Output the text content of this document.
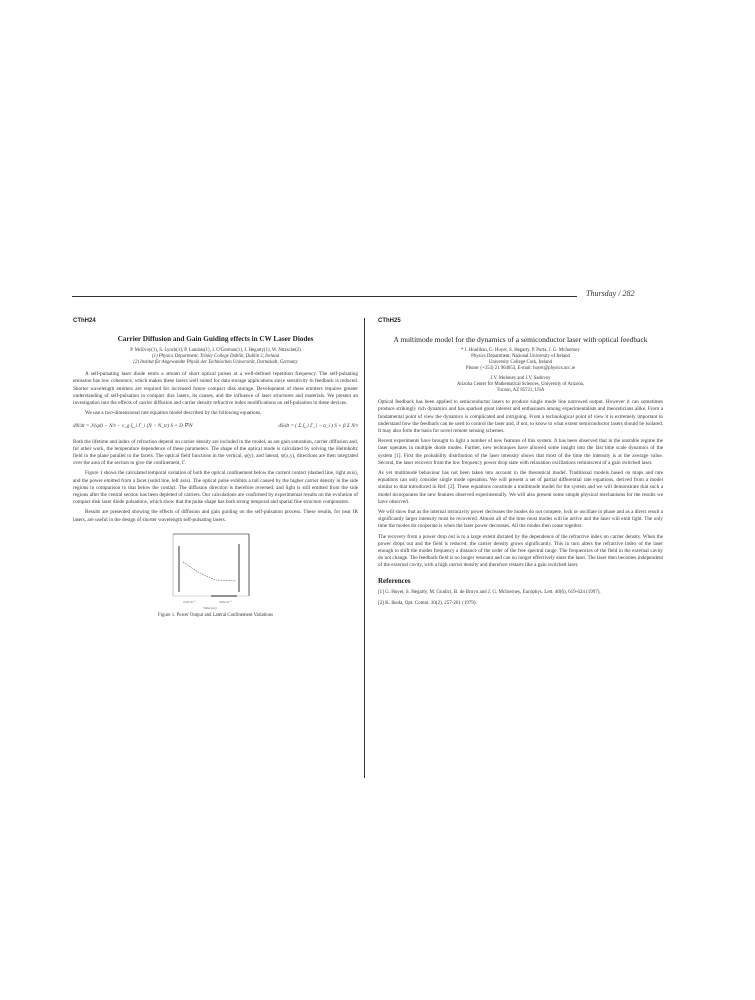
Thursday / 282
CThH24
Carrier Diffusion and Gain Guiding effects in CW Laser Diodes
P. McEvoy(1), S. Lynch(1), P. Landais(1), J. O'Gorman(1), J. Hegarty(1), W. Nitzsche(2)
(1) Physics Department, Trinity College Dublin, Dublin 2, Ireland
(2) Institut für Angewandte Physik der Technischen Universität, Darmstadt, Germany

A self-pulsating laser diode emits a stream of short optical pulses at a well-defined repetition frequency. The self-pulsating emission has low coherence, which makes these lasers well suited for data storage applications since sensitivity to feedback is reduced. Shorter wavelength emitters are required for increased future compact disk storage. Development of these emitters requires greater understanding of self-pulsation in compact disc lasers, its causes, and the influence of laser structures and materials. We present an investigation into the effects of carrier diffusion and carrier density refractive index modifications on self-pulsation in these devices.

We use a two-dimensional rate equation model described by the following equations,

dN/dt = J/(qd) − N/τ − v_g ξ_i Γ_i (N − N_tr) S + D ∇²N	dS/dt = ( Σ ξ_i Γ_i − α_i ) S + β Σ N/τ

Both the lifetime and index of refraction depend on carrier density are included in the model, as are gain saturation, carrier diffusion and, for other work, the temperature dependence of these parameters. The shape of the optical mode is calculated by solving the Helmholtz field in the plane parallel to the facets. The optical field functions in the vertical, φ(y), and lateral, ψ(x,y), directions are then integrated over the area of the section to give the confinement, Γ.

Figure 1 shows the calculated temporal variation of both the optical confinement below the current contact (dashed line, right axis), and the power emitted from a facet (solid line, left axis). The optical pulse exhibits a tail caused by the higher carrier density in the side regions in comparison to that below the contact. The diffusion direction is therefore reversed, and light is still emitted from the side regions after the central section has been depleted of carriers. Our calculations are confirmed by experimental results on the evolution of compact disk laser diode pulsations, which show that the pulse shape has both strong temporal and spatial fine structure components.

Results are presented showing the effects of diffusion and gain guiding on the self-pulsation process. These results, for near IR lasers, are useful in the design of shorter wavelength self-pulsating lasers.

2.0x10⁻⁹	4.0x10⁻⁹
Time (ns)
Figure 1. Power Output and Lateral Confinement Variations
CThH25
A multimode model for the dynamics of a semiconductor laser with optical feedback
* J. Houlihan, G. Huyet, S. Hegarty, P. Porta, J. G. McInerney
Physics Department, National University of Ireland
University College Cork, Ireland
Phone: (+353) 21 904053, E-mail: huyet@physics.ucc.ie
J.V. Moloney and J.V. Sadovoy
Arizona Center for Mathematical Sciences, University of Arizona,
Tucson, AZ 85721, USA

Optical feedback has been applied to semiconductor lasers to produce single mode line narrowed output. However it can sometimes produce strikingly rich dynamics and has sparked great interest and enthusiasm among experimentalists and theoreticians alike. From a fundamental point of view the dynamics is complicated and intriguing. From a technological point of view it is extremely important to understand how the feedback can be used to control the laser and, if not, to know to what extent semiconductor lasers should be isolated. It may also form the basis for novel remote sensing schemes.

Recent experiments have brought to light a number of new features of this system. It has been observed that in the unstable regime the laser operates in multiple diode modes. Further, new techniques have allowed some insight into the fast time scale dynamics of the system [1]. First the probability distribution of the laser intensity shows that most of the time the intensity is at the average value. Second, the laser recovers from the low frequency power drop state with relaxation oscillations reminiscent of a gain switched laser.

As yet multimode behaviour has not been taken into account in the theoretical model. Traditional models based on maps and rate equations can only consider single mode operation. We will present a set of partial differential rate equations, derived from a model similar to that introduced in Ref. [2]. These equations constitute a multimode model for the system and we will demonstrate that such a model incorporates the new features observed experimentally. We will also present some simple physical mechanisms for the results we have observed.

We will show that as the internal intracavity power decreases the modes do not compete, lock or oscillate in phase and as a direct result a significantly larger intensity must be recovered. Almost all of the time most modes will be active and the laser will emit light. The only time the modes do cooperate is when the laser power decreases. All the modes then cease together.

The recovery from a power drop out is to a large extent dictated by the dependence of the refractive index on carrier density. When the power drops out and the field is reduced, the carrier density grows significantly. This in turn alters the refractive index of the laser enough to shift the modes frequency a distance of the order of the free spectral range. The frequencies of the field in the external cavity do not change. The feedback field is no longer resonant and can no longer effectively enter the laser. The laser then becomes independent of the external cavity, with a high carrier density and therefore restarts like a gain switched laser.

References
[1] G. Huyet, S. Hegarty, M. Giudici, B. de Bruyn and J. G. McInerney, Europhys. Lett. 40(6), 619-624 (1997).
[2] K. Ikeda, Opt. Comm. 30(2), 257-261 (1979).
